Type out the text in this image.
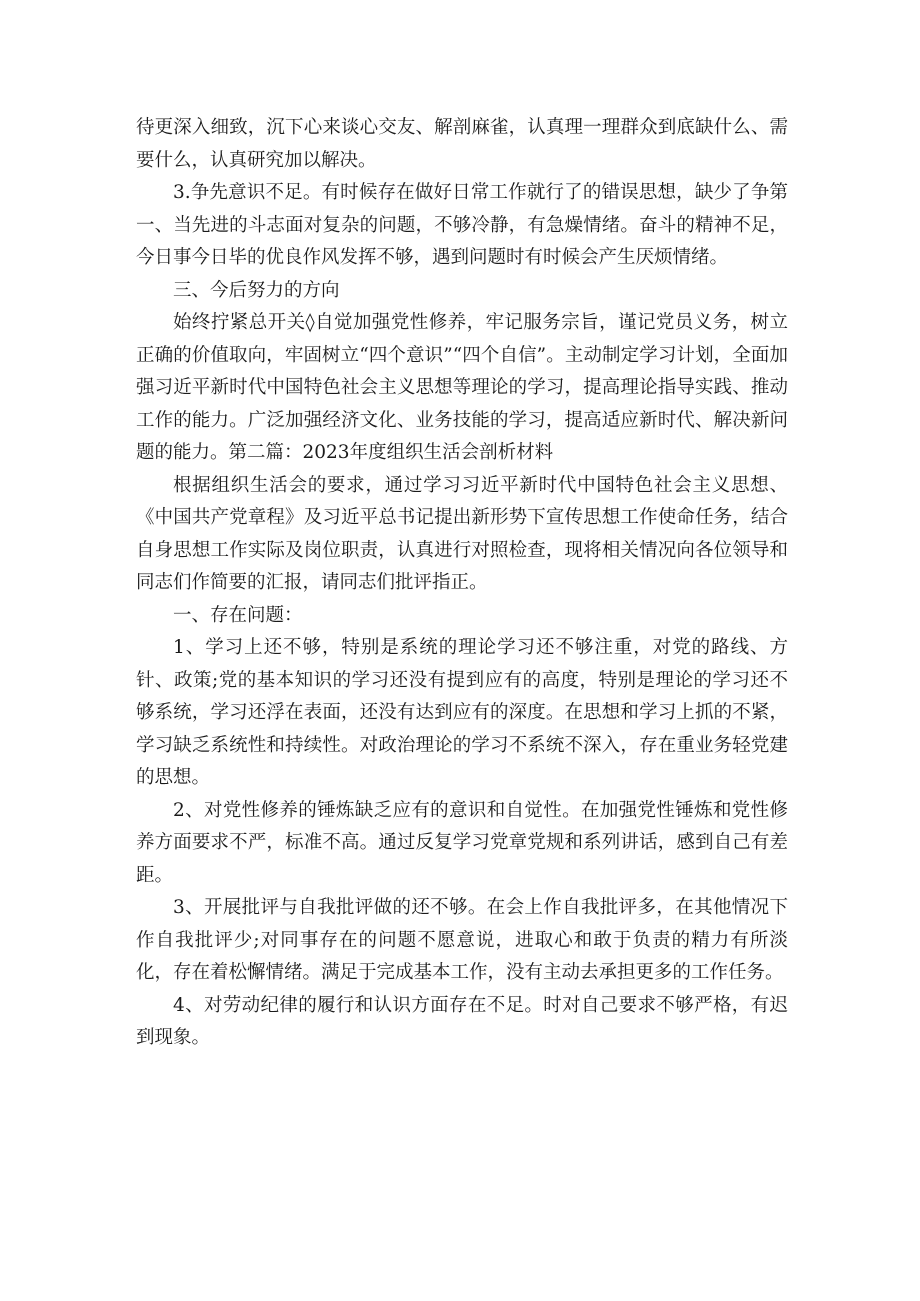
待更深入细致，沉下心来谈心交友、解剖麻雀，认真理一理群众到底缺什么、需要什么，认真研究加以解决。

3.争先意识不足。有时候存在做好日常工作就行了的错误思想，缺少了争第一、当先进的斗志面对复杂的问题，不够冷静，有急燥情绪。奋斗的精神不足，今日事今日毕的优良作风发挥不够，遇到问题时有时候会产生厌烦情绪。

三、今后努力的方向

始终拧紧总开关◊自觉加强党性修养，牢记服务宗旨，谨记党员义务，树立正确的价值取向，牢固树立“四个意识”“四个自信”。主动制定学习计划，全面加强习近平新时代中国特色社会主义思想等理论的学习，提高理论指导实践、推动工作的能力。广泛加强经济文化、业务技能的学习，提高适应新时代、解决新问题的能力。第二篇：2023年度组织生活会剖析材料

根据组织生活会的要求，通过学习习近平新时代中国特色社会主义思想、《中国共产党章程》及习近平总书记提出新形势下宣传思想工作使命任务，结合自身思想工作实际及岗位职责，认真进行对照检查，现将相关情况向各位领导和同志们作简要的汇报，请同志们批评指正。

一、存在问题：

1、学习上还不够，特别是系统的理论学习还不够注重，对党的路线、方针、政策;党的基本知识的学习还没有提到应有的高度，特别是理论的学习还不够系统，学习还浮在表面，还没有达到应有的深度。在思想和学习上抓的不紧，学习缺乏系统性和持续性。对政治理论的学习不系统不深入，存在重业务轻党建的思想。

2、对党性修养的锤炼缺乏应有的意识和自觉性。在加强党性锤炼和党性修养方面要求不严，标准不高。通过反复学习党章党规和系列讲话，感到自己有差距。

3、开展批评与自我批评做的还不够。在会上作自我批评多，在其他情况下作自我批评少;对同事存在的问题不愿意说，进取心和敢于负责的精力有所淡化，存在着松懈情绪。满足于完成基本工作，没有主动去承担更多的工作任务。

4、对劳动纪律的履行和认识方面存在不足。时对自己要求不够严格，有迟到现象。
